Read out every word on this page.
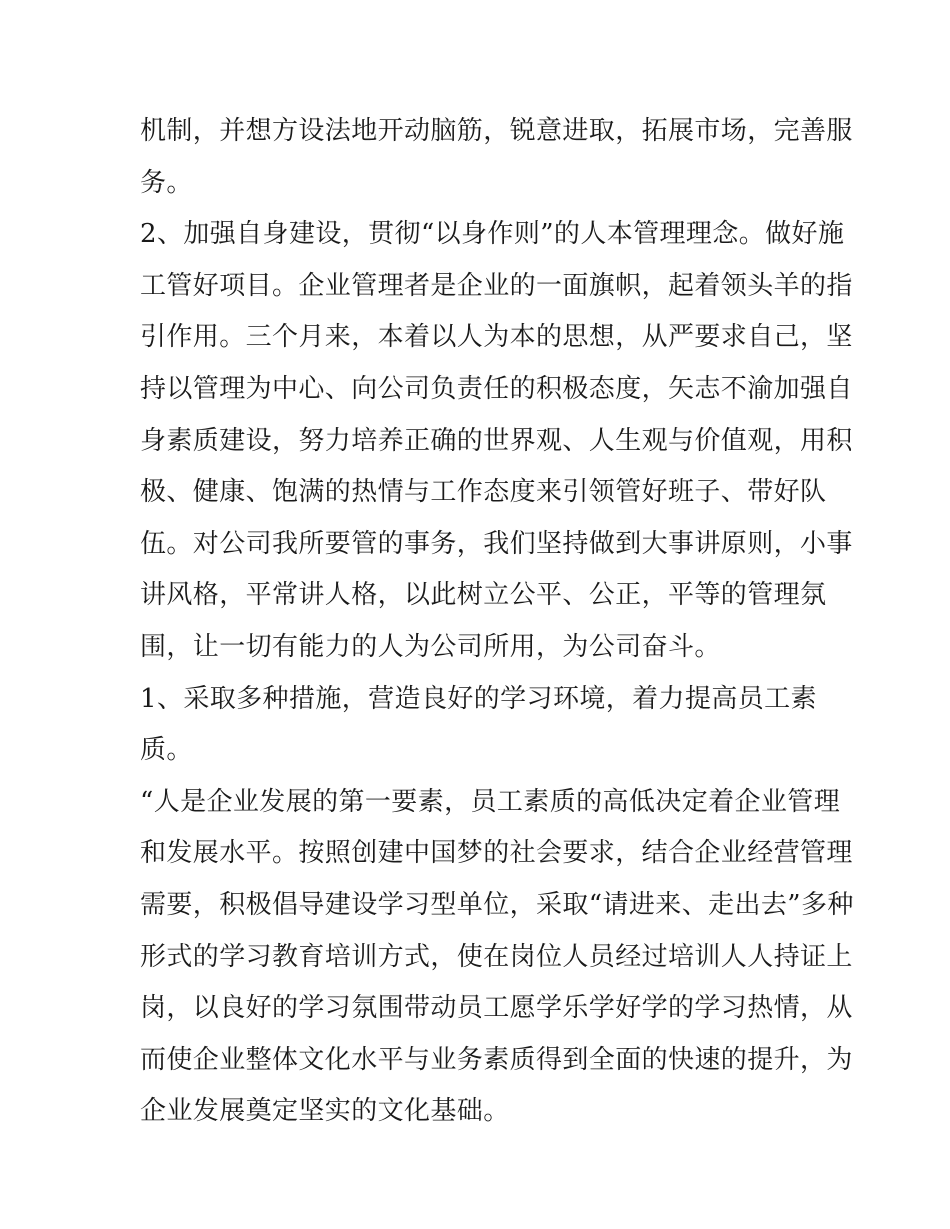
机制，并想方设法地开动脑筋，锐意进取，拓展市场，完善服
务。
2、加强自身建设，贯彻“以身作则”的人本管理理念。做好施
工管好项目。企业管理者是企业的一面旗帜，起着领头羊的指
引作用。三个月来，本着以人为本的思想，从严要求自己，坚
持以管理为中心、向公司负责任的积极态度，矢志不渝加强自
身素质建设，努力培养正确的世界观、人生观与价值观，用积
极、健康、饱满的热情与工作态度来引领管好班子、带好队
伍。对公司我所要管的事务，我们坚持做到大事讲原则，小事
讲风格，平常讲人格，以此树立公平、公正，平等的管理氛
围，让一切有能力的人为公司所用，为公司奋斗。
1、采取多种措施，营造良好的学习环境，着力提高员工素
质。
“人是企业发展的第一要素，员工素质的高低决定着企业管理
和发展水平。按照创建中国梦的社会要求，结合企业经营管理
需要，积极倡导建设学习型单位，采取“请进来、走出去”多种
形式的学习教育培训方式，使在岗位人员经过培训人人持证上
岗，以良好的学习氛围带动员工愿学乐学好学的学习热情，从
而使企业整体文化水平与业务素质得到全面的快速的提升，为
企业发展奠定坚实的文化基础。
